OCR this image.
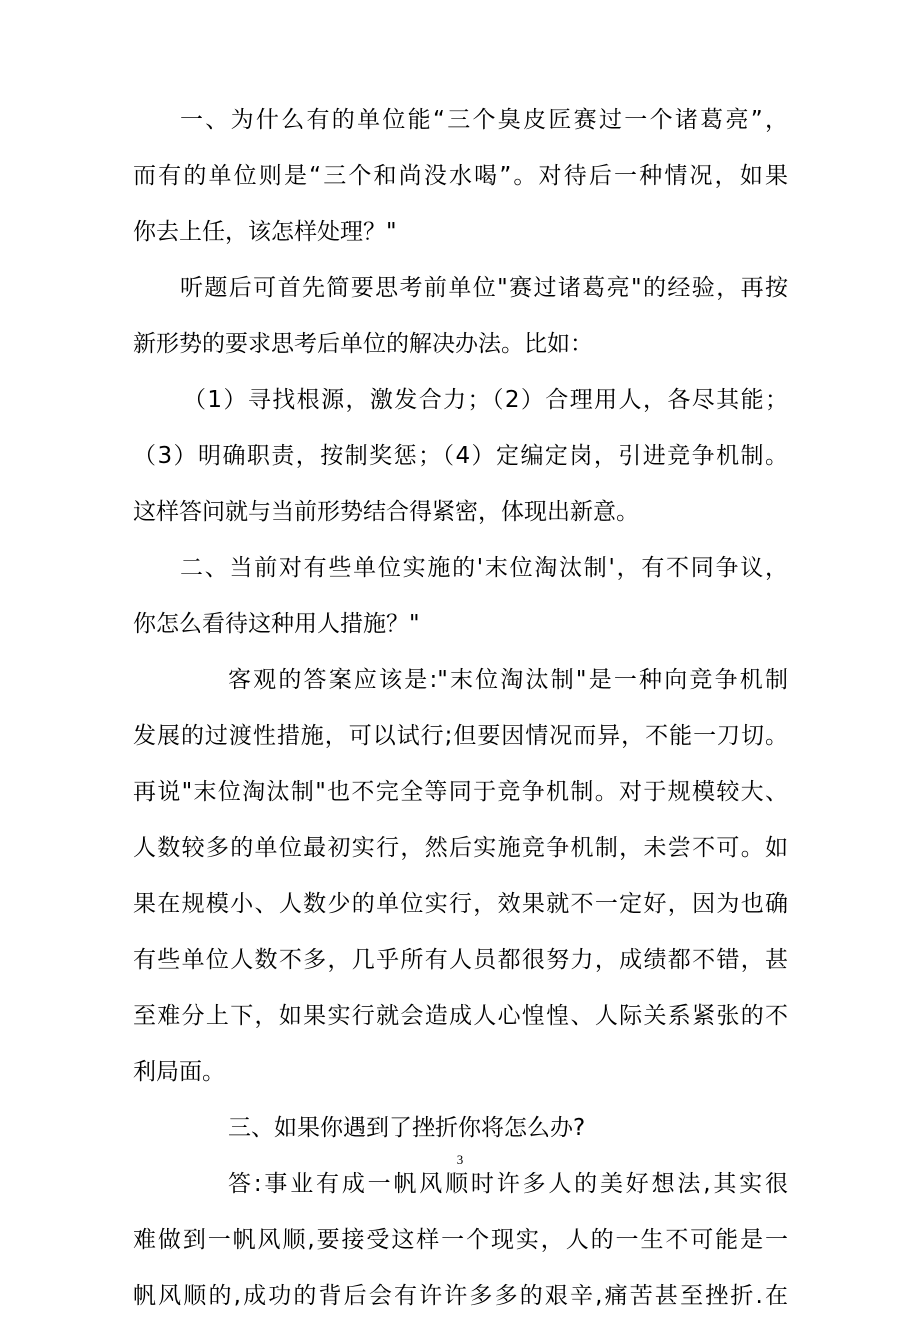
一、为什么有的单位能“三个臭皮匠赛过一个诸葛亮”，
而有的单位则是“三个和尚没水喝”。对待后一种情况，如果
你去上任，该怎样处理？"
听题后可首先简要思考前单位"赛过诸葛亮"的经验，再按
新形势的要求思考后单位的解决办法。比如：
（1）寻找根源，激发合力；（2）合理用人，各尽其能；
（3）明确职责，按制奖惩；（4）定编定岗，引进竞争机制。
这样答问就与当前形势结合得紧密，体现出新意。
二、当前对有些单位实施的'末位淘汰制'，有不同争议，
你怎么看待这种用人措施？"
客观的答案应该是:"末位淘汰制"是一种向竞争机制
发展的过渡性措施，可以试行;但要因情况而异，不能一刀切。
再说"末位淘汰制"也不完全等同于竞争机制。对于规模较大、
人数较多的单位最初实行，然后实施竞争机制，未尝不可。如
果在规模小、人数少的单位实行，效果就不一定好，因为也确
有些单位人数不多，几乎所有人员都很努力，成绩都不错，甚
至难分上下，如果实行就会造成人心惶惶、人际关系紧张的不
利局面。
三、如果你遇到了挫折你将怎么办?
答:事业有成一帆风顺时许多人的美好想法,其实很
难做到一帆风顺,要接受这样一个现实，人的一生不可能是一
帆风顺的,成功的背后会有许许多多的艰辛,痛苦甚至挫折.在
3
